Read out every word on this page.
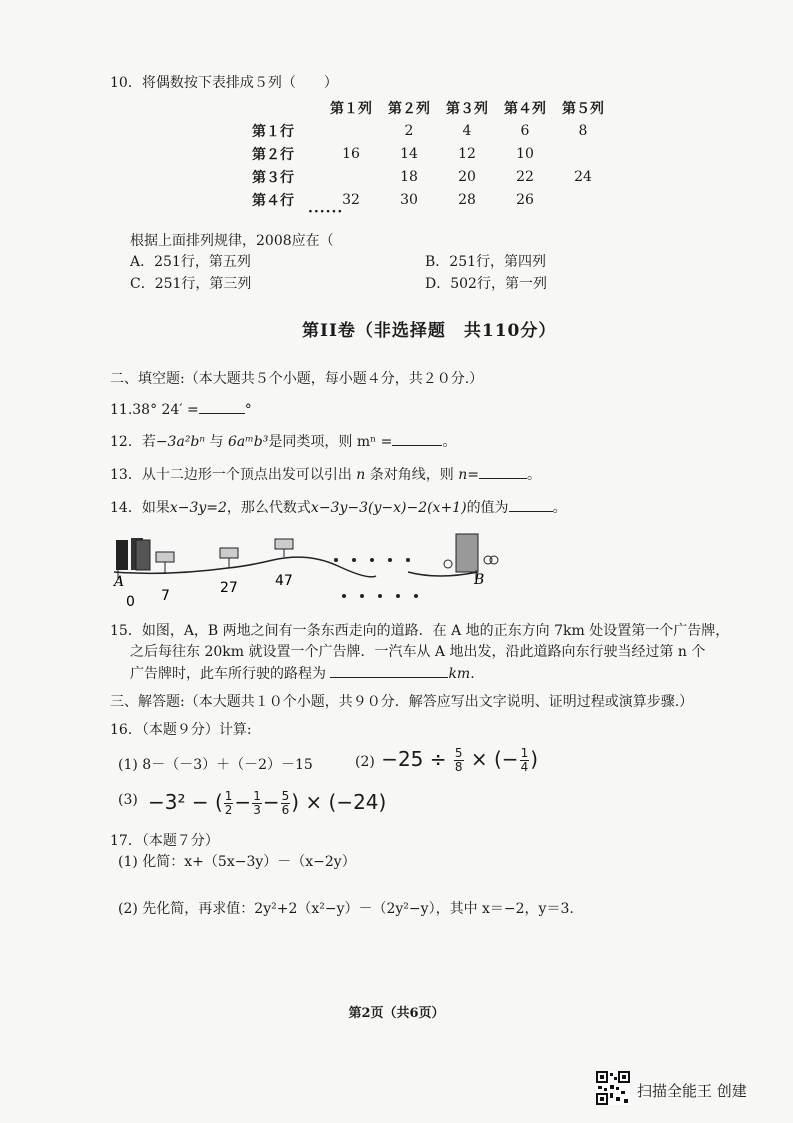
10．将偶数按下表排成５列（　　）
	第１列	第２列	第３列	第４列	第５列
第１行		2	4	6	8
第２行	16	14	12	10	
第３行		18	20	22	24
第４行	32	30	28	26	
······
根据上面排列规律，2008应在（
A．251行，第五列	B．251行，第四列
C．251行，第三列	D．502行，第一列
第II卷（非选择题　共110分）
二、填空题:（本大题共５个小题，每小题４分，共２０分.）
11.38° 24′ =	°
12．若−3a²bⁿ 与 6aᵐb³是同类项，则 mⁿ =	。
13．从十二边形一个顶点出发可以引出 n 条对角线，则 n=	。
14．如果x−3y=2，那么代数式x−3y−3(y−x)−2(x+1)的值为	。
A	B
0 7	27	47
15．如图，A，B 两地之间有一条东西走向的道路．在 A 地的正东方向 7km 处设置第一个广告牌，
之后每往东 20km 就设置一个广告牌．一汽车从 A 地出发，沿此道路向东行驶当经过第 n 个
广告牌时，此车所行驶的路程为	km.
三、解答题:（本大题共１０个小题，共９０分．解答应写出文字说明、证明过程或演算步骤.）
16．（本题９分）计算:
(1) 8－（－3）＋（－2）－15	$(2) -25 \div \frac{5}{8}$ × (− $\frac{1}{4}$ )
(3) −3² − ( $\frac{1}{2} - \frac{1}{3} - \frac{5}{6}$ ) × (−24)
17．（本题７分）
(1) 化简：x+（5x−3y）－（x−2y）
(2) 先化简，再求值：2y²+2（x²−y）－（2y²−y），其中 x＝−2，y＝3.
第2页（共6页）
扫描全能王 创建
